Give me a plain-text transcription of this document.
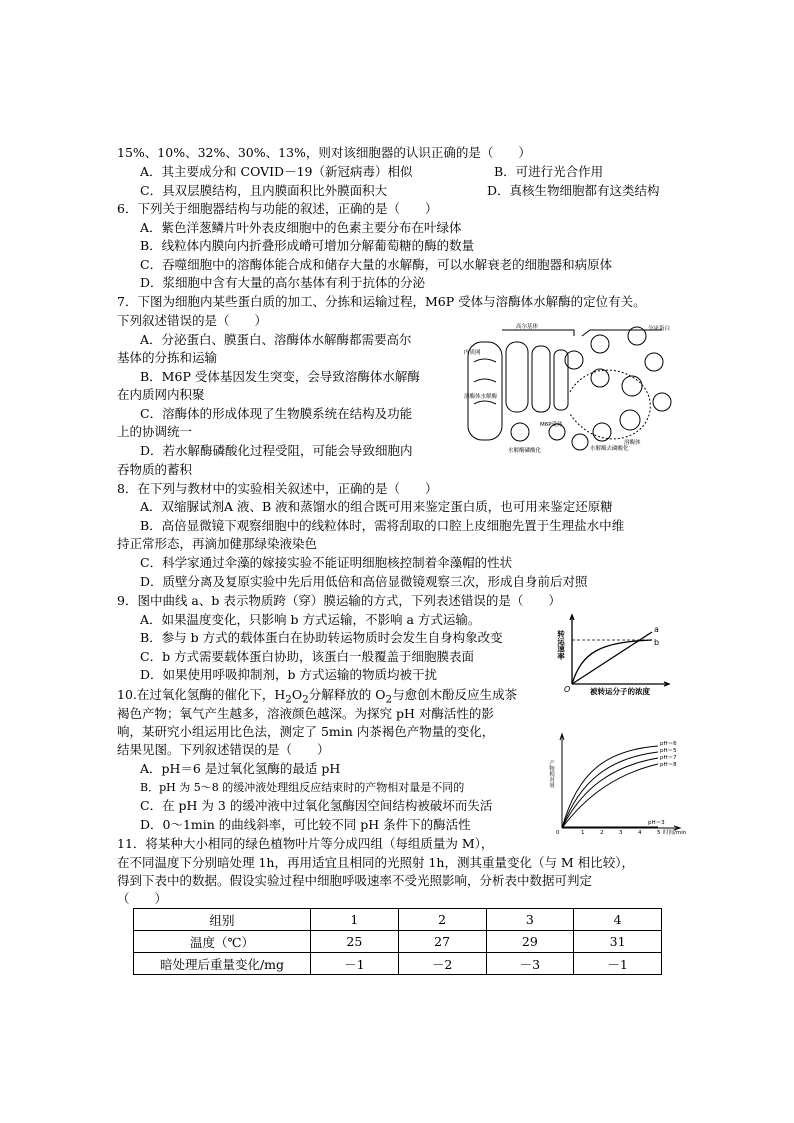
15%、10%、32%、30%、13%，则对该细胞器的认识正确的是（　　）
A．其主要成分和 COVID－19（新冠病毒）相似	B．可进行光合作用
C．具双层膜结构，且内膜面积比外膜面积大	D．真核生物细胞都有这类结构
6．下列关于细胞器结构与功能的叙述，正确的是（　　）
A．紫色洋葱鳞片叶外表皮细胞中的色素主要分布在叶绿体
B．线粒体内膜向内折叠形成嵴可增加分解葡萄糖的酶的数量
C．吞噬细胞中的溶酶体能合成和储存大量的水解酶，可以水解衰老的细胞器和病原体
D．浆细胞中含有大量的高尔基体有利于抗体的分泌
7．下图为细胞内某些蛋白质的加工、分拣和运输过程，M6P 受体与溶酶体水解酶的定位有关。
下列叙述错误的是（　　）
A．分泌蛋白、膜蛋白、溶酶体水解酶都需要高尔
基体的分拣和运输
B．M6P 受体基因发生突变，会导致溶酶体水解酶
在内质网内积聚
C．溶酶体的形成体现了生物膜系统在结构及功能
上的协调统一
D．若水解酶磷酸化过程受阻，可能会导致细胞内
吞物质的蓄积
内质网
高尔基体
溶酶体水解酶
分泌蛋白
M6P受体
水解酶磷酸化	水解酶去磷酸化
溶酶体
8．在下列与教材中的实验相关叙述中，正确的是（　　）
A．双缩脲试剂A 液、B 液和蒸馏水的组合既可用来鉴定蛋白质，也可用来鉴定还原糖
B．高倍显微镜下观察细胞中的线粒体时，需将刮取的口腔上皮细胞先置于生理盐水中维
持正常形态，再滴加健那绿染液染色
C．科学家通过伞藻的嫁接实验不能证明细胞核控制着伞藻帽的性状
D．质壁分离及复原实验中先后用低倍和高倍显微镜观察三次，形成自身前后对照
9．图中曲线 a、b 表示物质跨（穿）膜运输的方式，下列表述错误的是（　　）
A．如果温度变化，只影响 b 方式运输，不影响 a 方式运输。
B．参与 b 方式的载体蛋白在协助转运物质时会发生自身构象改变
C．b 方式需要载体蛋白协助，该蛋白一般覆盖于细胞膜表面
D．如果使用呼吸抑制剂，b 方式运输的物质均被干扰
转运速率
O	被转运分子的浓度
a
b
10.在过氧化氢酶的催化下，$H_2O_2$分解释放的 $O_2$与愈创木酚反应生成茶
褐色产物；氧气产生越多，溶液颜色越深。为探究 pH 对酶活性的影
响，某研究小组运用比色法，测定了 5min 内茶褐色产物量的变化，
结果见图。下列叙述错误的是（　　）
A．pH＝6 是过氧化氢酶的最适 pH
B．pH 为 5～8 的缓冲液处理组反应结束时的产物相对量是不同的
C．在 pH 为 3 的缓冲液中过氧化氢酶因空间结构被破坏而失活
D．0～1min 的曲线斜率，可比较不同 pH 条件下的酶活性
产物相对量
0	1	2	3	4	5 时间/min
pH＝6
pH＝5
pH＝7
pH＝8
pH＝3
11．将某种大小相同的绿色植物叶片等分成四组（每组质量为 M），
在不同温度下分别暗处理 1h，再用适宜且相同的光照射 1h，测其重量变化（与 M 相比较），
得到下表中的数据。假设实验过程中细胞呼吸速率不受光照影响，分析表中数据可判定
（　　）
组别	1	2	3	4
温度（℃）	25	27	29	31
暗处理后重量变化/mg	－1	－2	－3	－1
